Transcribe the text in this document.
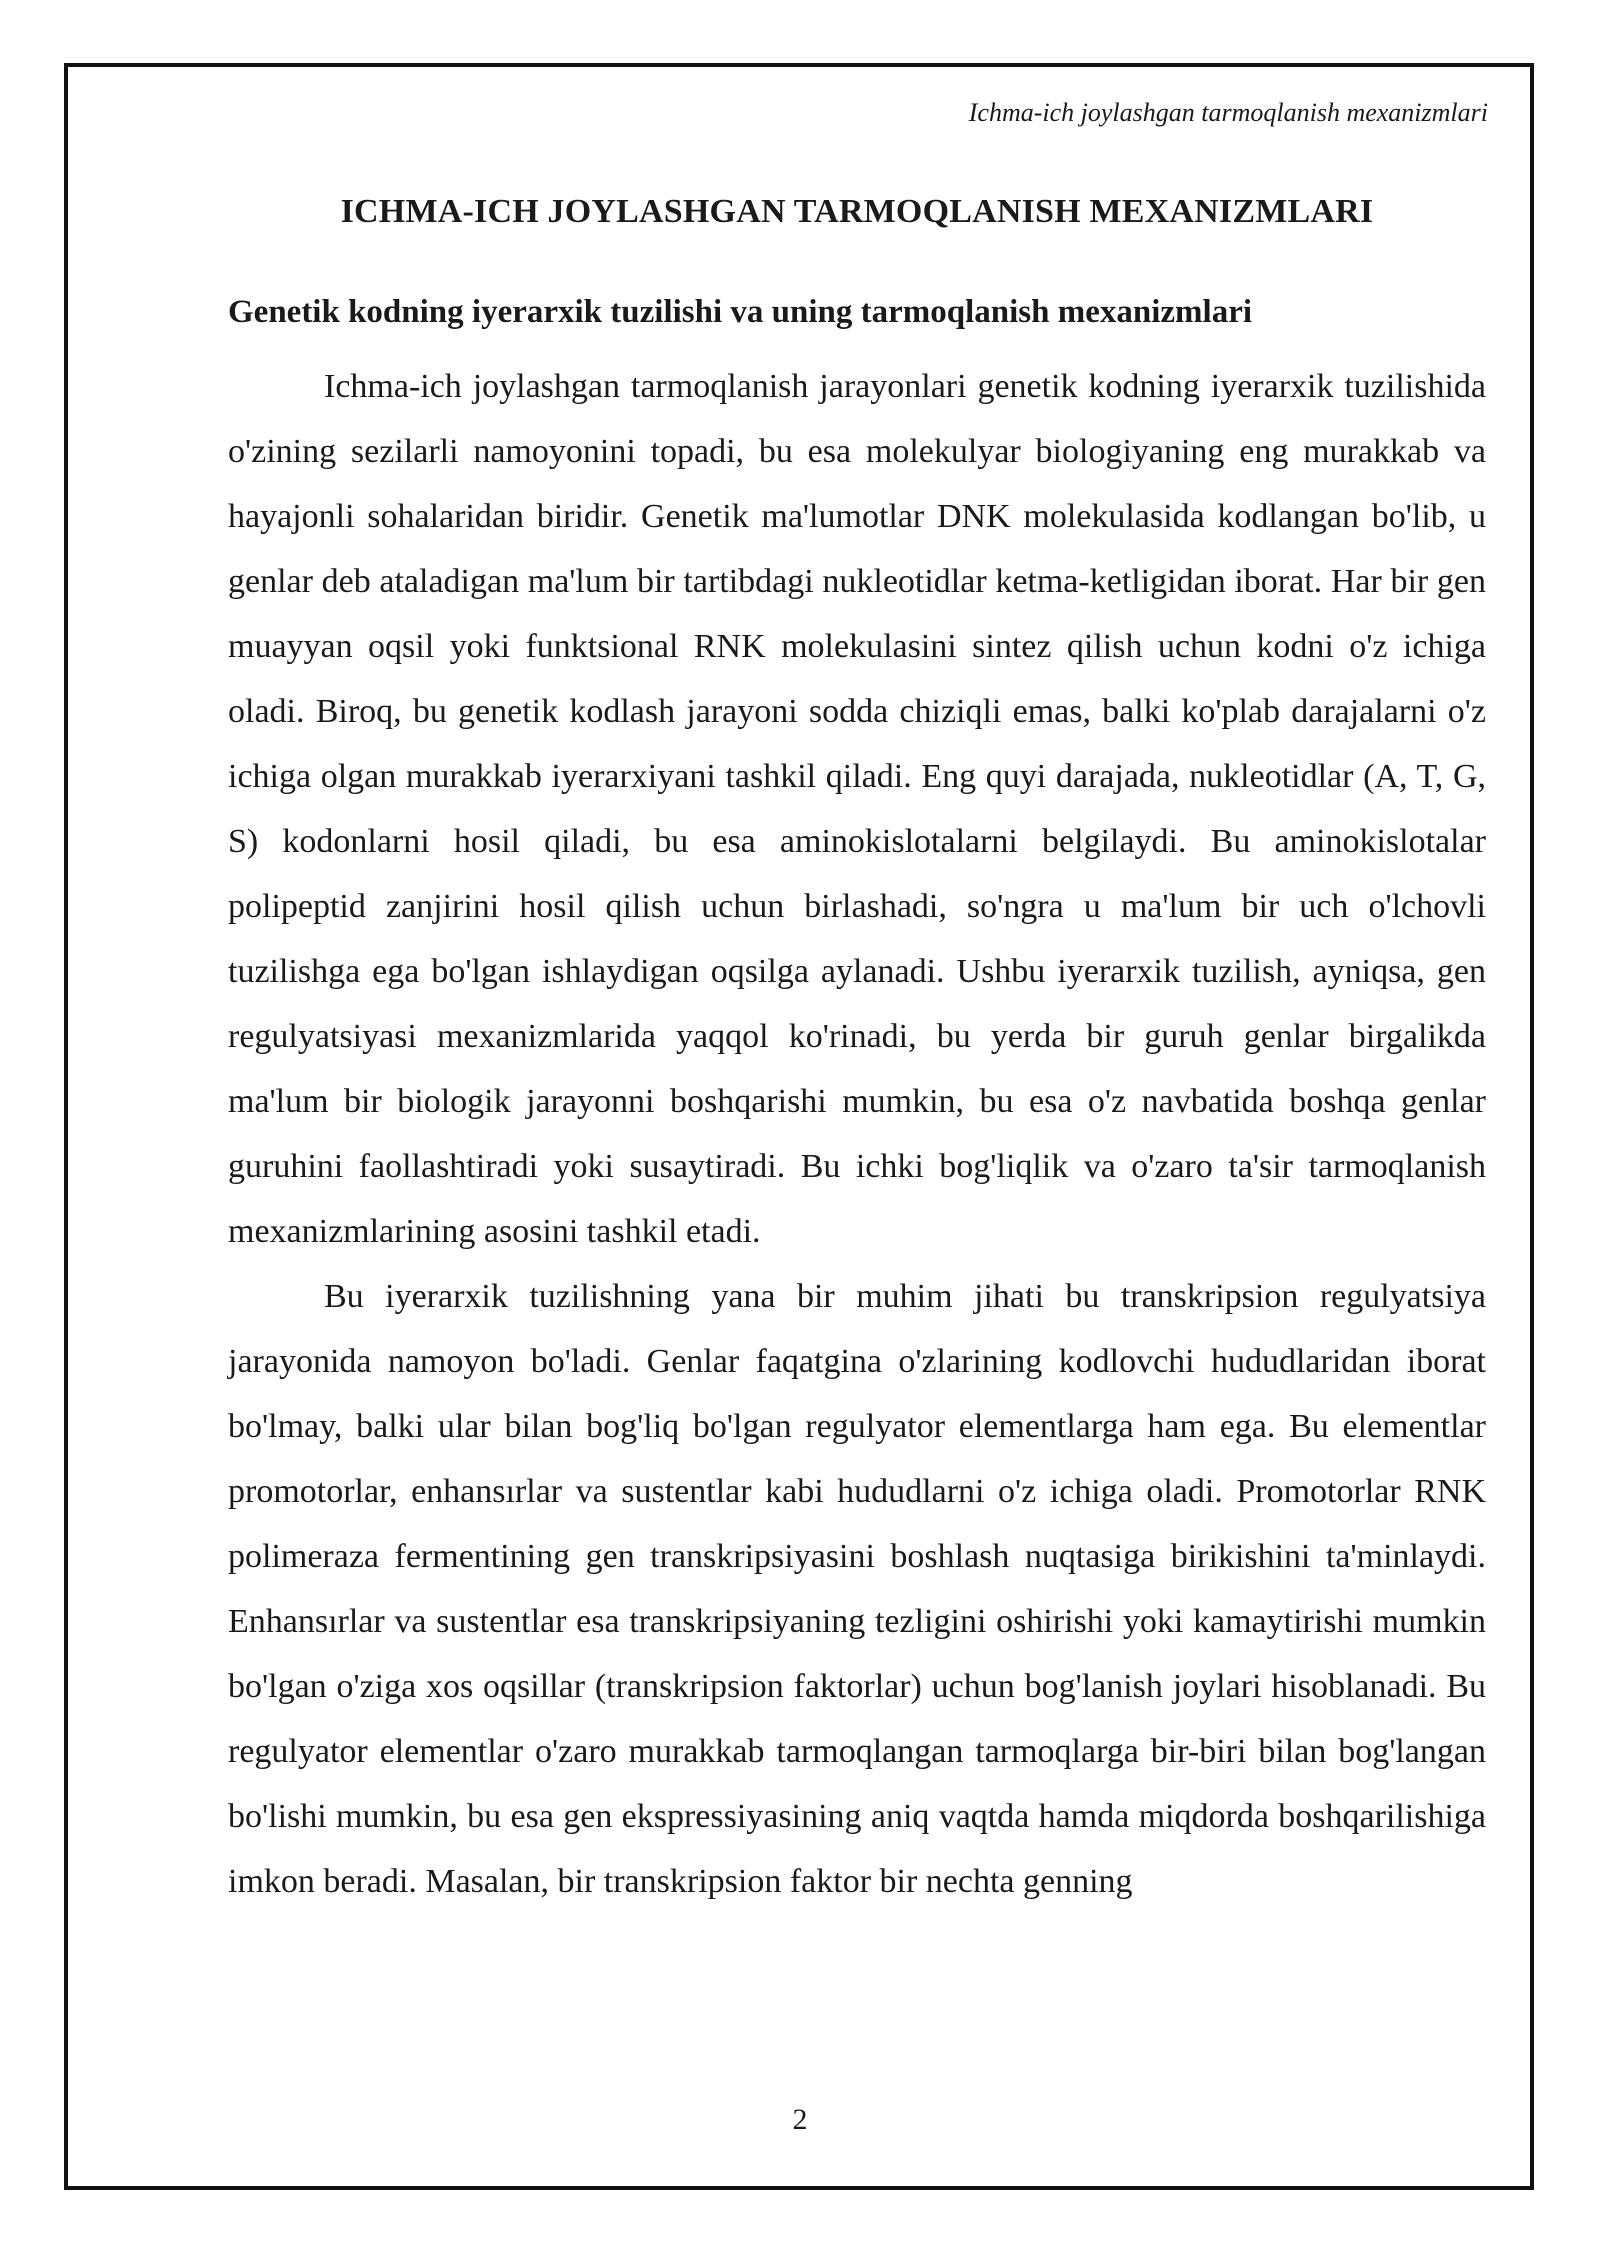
Ichma-ich joylashgan tarmoqlanish mexanizmlari
ICHMA-ICH JOYLASHGAN TARMOQLANISH MEXANIZMLARI
Genetik kodning iyerarxik tuzilishi va uning tarmoqlanish mexanizmlari

Ichma-ich joylashgan tarmoqlanish jarayonlari genetik kodning iyerarxik tuzilishida o'zining sezilarli namoyonini topadi, bu esa molekulyar biologiyaning eng murakkab va hayajonli sohalaridan biridir. Genetik ma'lumotlar DNK molekulasida kodlangan bo'lib, u genlar deb ataladigan ma'lum bir tartibdagi nukleotidlar ketma-ketligidan iborat. Har bir gen muayyan oqsil yoki funktsional RNK molekulasini sintez qilish uchun kodni o'z ichiga oladi. Biroq, bu genetik kodlash jarayoni sodda chiziqli emas, balki ko'plab darajalarni o'z ichiga olgan murakkab iyerarxiyani tashkil qiladi. Eng quyi darajada, nukleotidlar (A, T, G, S) kodonlarni hosil qiladi, bu esa aminokislotalarni belgilaydi. Bu aminokislotalar polipeptid zanjirini hosil qilish uchun birlashadi, so'ngra u ma'lum bir uch o'lchovli tuzilishga ega bo'lgan ishlaydigan oqsilga aylanadi. Ushbu iyerarxik tuzilish, ayniqsa, gen regulyatsiyasi mexanizmlarida yaqqol ko'rinadi, bu yerda bir guruh genlar birgalikda ma'lum bir biologik jarayonni boshqarishi mumkin, bu esa o'z navbatida boshqa genlar guruhini faollashtiradi yoki susaytiradi. Bu ichki bog'liqlik va o'zaro ta'sir tarmoqlanish mexanizmlarining asosini tashkil etadi.

Bu iyerarxik tuzilishning yana bir muhim jihati bu transkripsion regulyatsiya jarayonida namoyon bo'ladi. Genlar faqatgina o'zlarining kodlovchi hududlaridan iborat bo'lmay, balki ular bilan bog'liq bo'lgan regulyator elementlarga ham ega. Bu elementlar promotorlar, enhansırlar va sustentlar kabi hududlarni o'z ichiga oladi. Promotorlar RNK polimeraza fermentining gen transkripsiyasini boshlash nuqtasiga birikishini ta'minlaydi. Enhansırlar va sustentlar esa transkripsiyaning tezligini oshirishi yoki kamaytirishi mumkin bo'lgan o'ziga xos oqsillar (transkripsion faktorlar) uchun bog'lanish joylari hisoblanadi. Bu regulyator elementlar o'zaro murakkab tarmoqlangan tarmoqlarga bir-biri bilan bog'langan bo'lishi mumkin, bu esa gen ekspressiyasining aniq vaqtda hamda miqdorda boshqarilishiga imkon beradi. Masalan, bir transkripsion faktor bir nechta genning

2
